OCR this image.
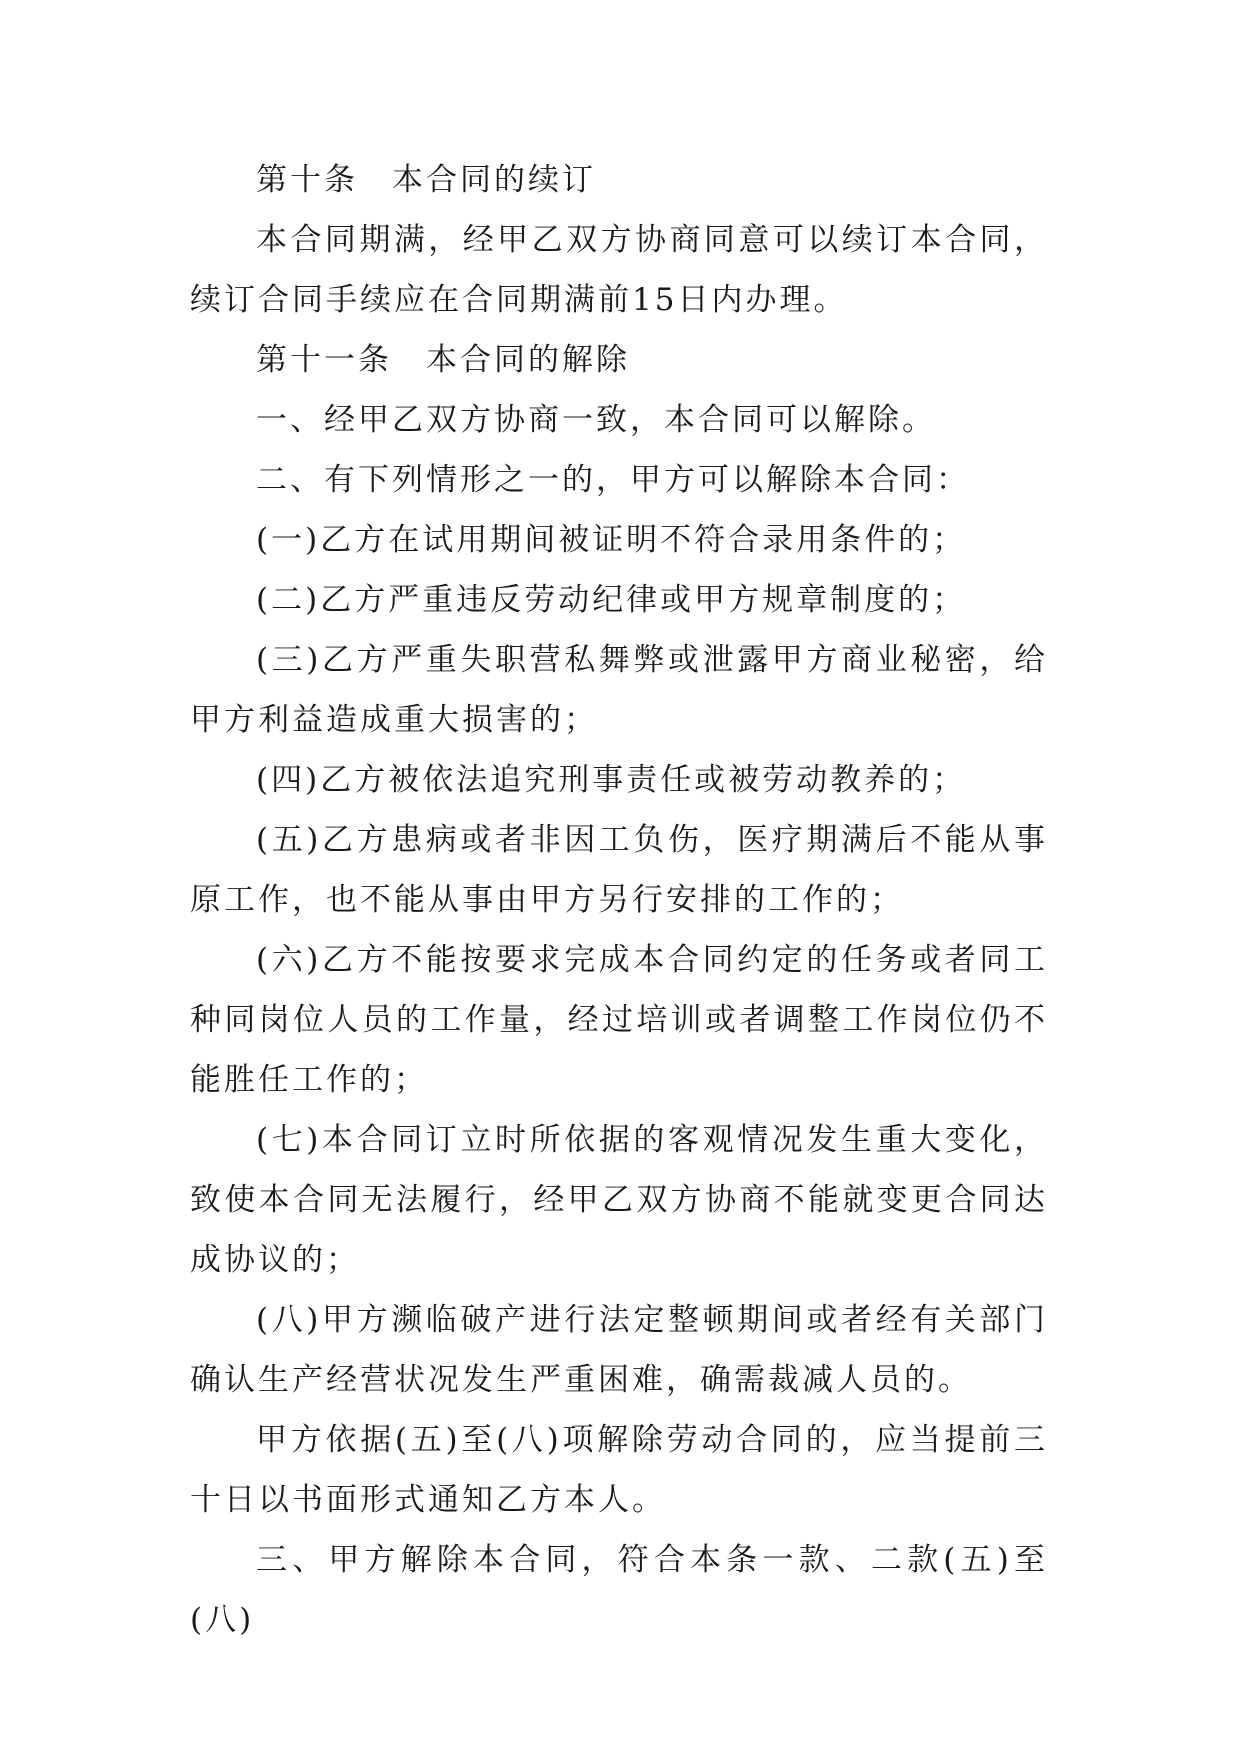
第十条　本合同的续订

本合同期满，经甲乙双方协商同意可以续订本合同，续订合同手续应在合同期满前15日内办理。

第十一条　本合同的解除

一、经甲乙双方协商一致，本合同可以解除。

二、有下列情形之一的，甲方可以解除本合同：

(一)乙方在试用期间被证明不符合录用条件的；

(二)乙方严重违反劳动纪律或甲方规章制度的；

(三)乙方严重失职营私舞弊或泄露甲方商业秘密，给甲方利益造成重大损害的；

(四)乙方被依法追究刑事责任或被劳动教养的；

(五)乙方患病或者非因工负伤，医疗期满后不能从事原工作，也不能从事由甲方另行安排的工作的；

(六)乙方不能按要求完成本合同约定的任务或者同工种同岗位人员的工作量，经过培训或者调整工作岗位仍不能胜任工作的；

(七)本合同订立时所依据的客观情况发生重大变化，致使本合同无法履行，经甲乙双方协商不能就变更合同达成协议的；

(八)甲方濒临破产进行法定整顿期间或者经有关部门确认生产经营状况发生严重困难，确需裁减人员的。

甲方依据(五)至(八)项解除劳动合同的，应当提前三十日以书面形式通知乙方本人。

三、甲方解除本合同，符合本条一款、二款(五)至(八)
